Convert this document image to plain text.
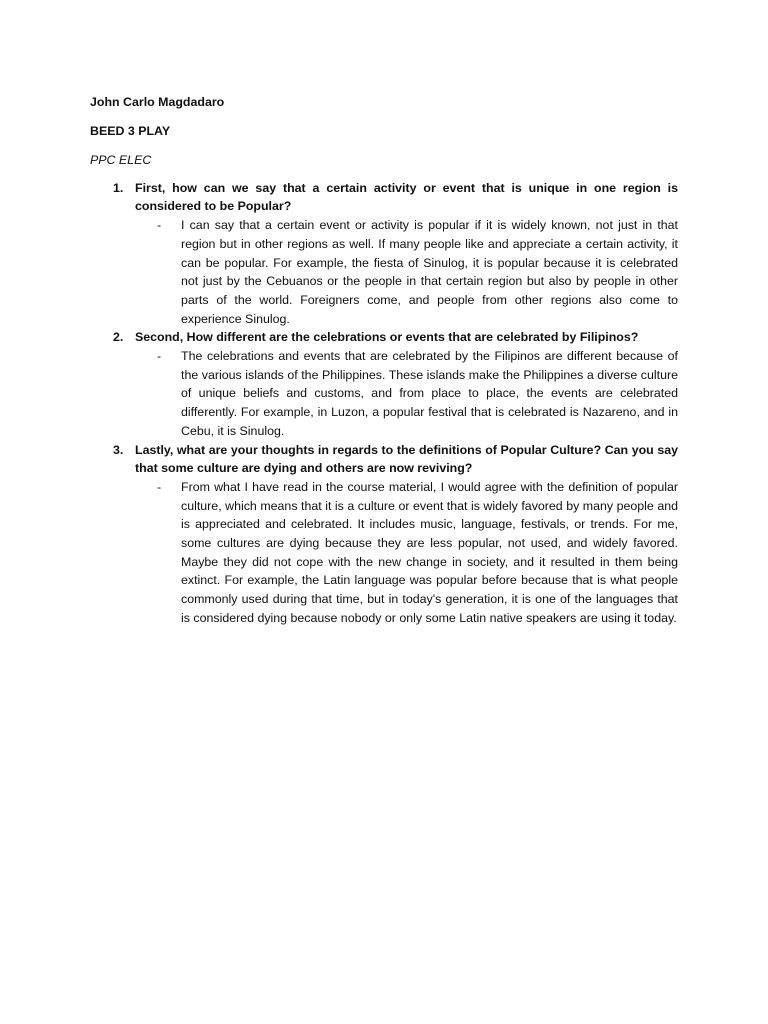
John Carlo Magdadaro
BEED 3 PLAY
PPC ELEC
1. First, how can we say that a certain activity or event that is unique in one region is considered to be Popular?
- I can say that a certain event or activity is popular if it is widely known, not just in that region but in other regions as well. If many people like and appreciate a certain activity, it can be popular. For example, the fiesta of Sinulog, it is popular because it is celebrated not just by the Cebuanos or the people in that certain region but also by people in other parts of the world. Foreigners come, and people from other regions also come to experience Sinulog.
2. Second, How different are the celebrations or events that are celebrated by Filipinos?
- The celebrations and events that are celebrated by the Filipinos are different because of the various islands of the Philippines. These islands make the Philippines a diverse culture of unique beliefs and customs, and from place to place, the events are celebrated differently. For example, in Luzon, a popular festival that is celebrated is Nazareno, and in Cebu, it is Sinulog.
3. Lastly, what are your thoughts in regards to the definitions of Popular Culture? Can you say that some culture are dying and others are now reviving?
- From what I have read in the course material, I would agree with the definition of popular culture, which means that it is a culture or event that is widely favored by many people and is appreciated and celebrated. It includes music, language, festivals, or trends. For me, some cultures are dying because they are less popular, not used, and widely favored. Maybe they did not cope with the new change in society, and it resulted in them being extinct. For example, the Latin language was popular before because that is what people commonly used during that time, but in today's generation, it is one of the languages that is considered dying because nobody or only some Latin native speakers are using it today.
